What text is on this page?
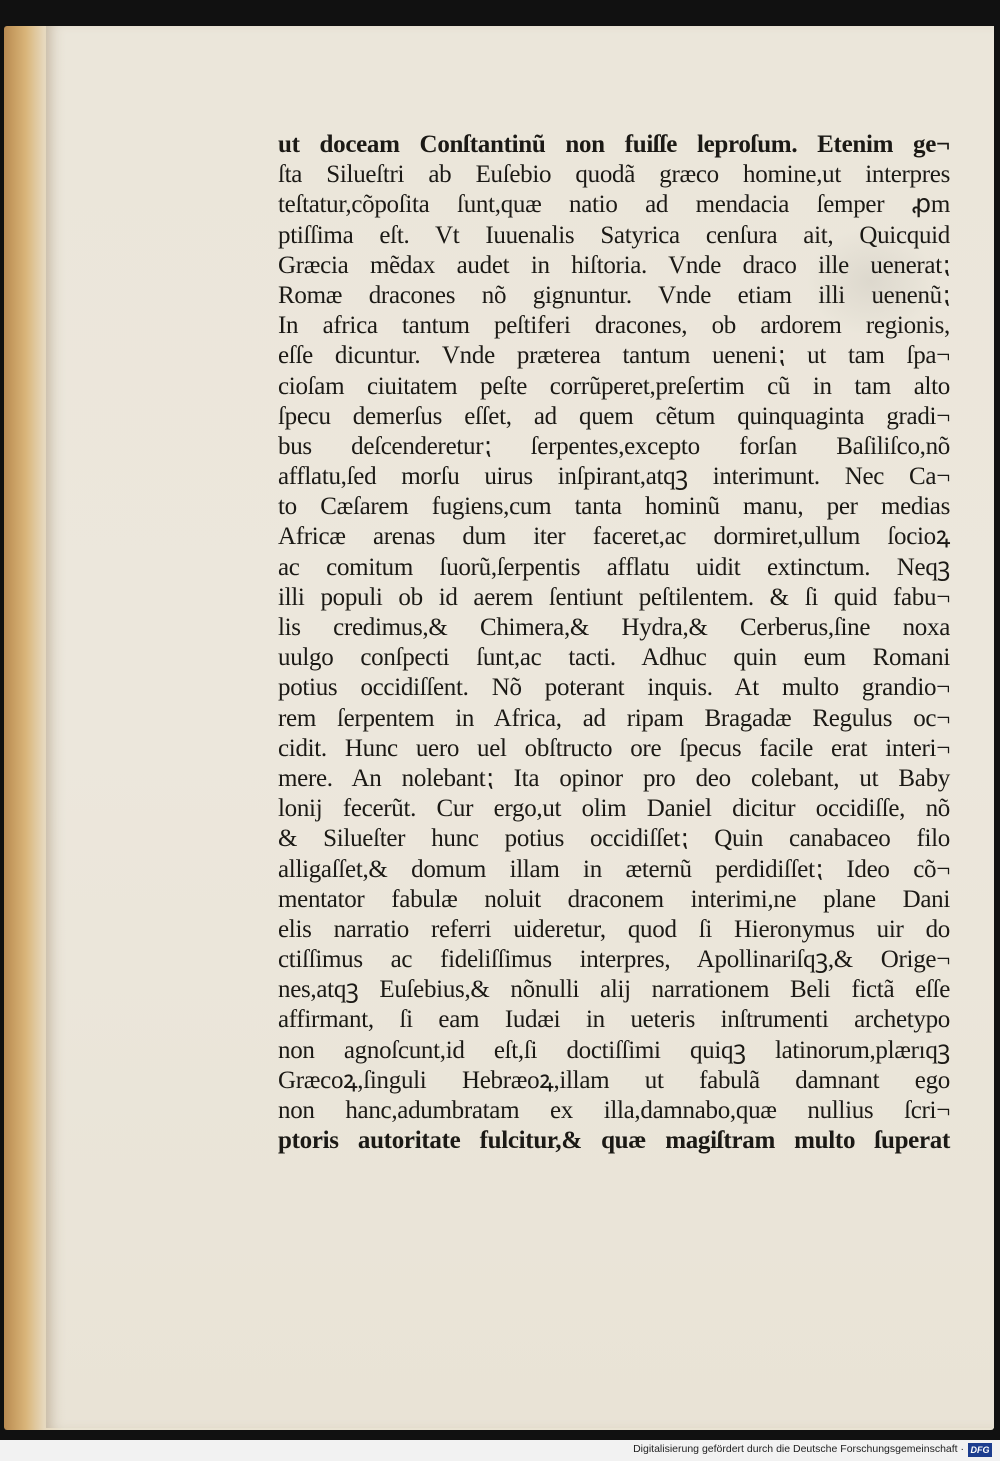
ut doceam Conſtantinũ non fuiſſe leproſum. Etenim ge¬
ſta Silueſtri ab Euſebio quodã græco homine,ut interpres
teſtatur,cõpoſita ſunt,quæ natio ad mendacia ſemper ꝓm
ptiſſima eſt. Vt Iuuenalis Satyrica cenſura ait, Quicquid
Græcia mẽdax audet in hiſtoria. Vnde draco ille uenerat⁏
Romæ dracones nõ gignuntur. Vnde etiam illi uenenũ⁏
In africa tantum peſtiferi dracones, ob ardorem regionis,
eſſe dicuntur. Vnde præterea tantum ueneni⁏ ut tam ſpa¬
cioſam ciuitatem peſte corrũperet,preſertim cũ in tam alto
ſpecu demerſus eſſet, ad quem cẽtum quinquaginta gradi¬
bus deſcenderetur⁏ ſerpentes,excepto forſan Baſiliſco,nõ
afflatu,ſed morſu uirus inſpirant,atqꝫ interimunt. Nec Ca¬
to Cæſarem fugiens,cum tanta hominũ manu, per medias
Africæ arenas dum iter faceret,ac dormiret,ullum ſocioꝝ
ac comitum ſuorũ,ſerpentis afflatu uidit extinctum. Neqꝫ
illi populi ob id aerem ſentiunt peſtilentem. & ſi quid fabu¬
lis credimus,& Chimera,& Hydra,& Cerberus,ſine noxa
uulgo conſpecti ſunt,ac tacti. Adhuc quin eum Romani
potius occidiſſent. Nõ poterant inquis. At multo grandio¬
rem ſerpentem in Africa, ad ripam Bragadæ Regulus oc¬
cidit. Hunc uero uel obſtructo ore ſpecus facile erat interi¬
mere. An nolebant⁏ Ita opinor pro deo colebant, ut Baby
lonij fecerũt. Cur ergo,ut olim Daniel dicitur occidiſſe, nõ
& Silueſter hunc potius occidiſſet⁏ Quin canabaceo filo
alligaſſet,& domum illam in æternũ perdidiſſet⁏ Ideo cõ¬
mentator fabulæ noluit draconem interimi,ne plane Dani
elis narratio referri uideretur, quod ſi Hieronymus uir do
ctiſſimus ac fideliſſimus interpres, Apollinariſqꝫ,& Orige¬
nes,atqꝫ Euſebius,& nõnulli alij narrationem Beli fictã eſſe
affirmant, ſi eam Iudæi in ueteris inſtrumenti archetypo
non agnoſcunt,id eſt,ſi doctiſſimi quiqꝫ latinorum,plærıqꝫ
Græcoꝝ,ſinguli Hebræoꝝ,illam ut fabulã damnant ego
non hanc,adumbratam ex illa,damnabo,quæ nullius ſcri¬
ptoris autoritate fulcitur,& quæ magiſtram multo ſuperat
Digitalisierung gefördert durch die Deutsche Forschungsgemeinschaft · DFG
